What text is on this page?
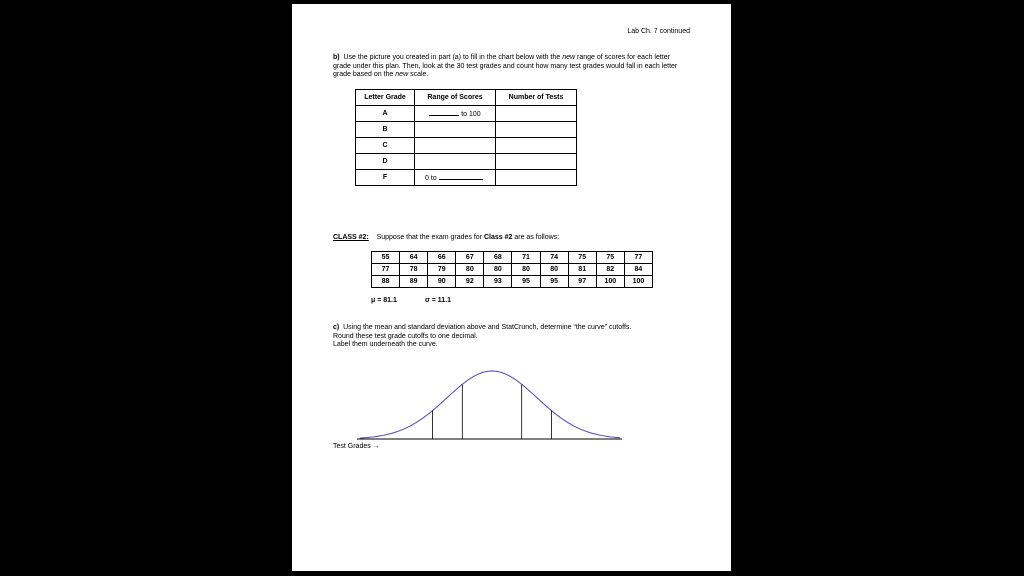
Lab Ch. 7 continued
b) Use the picture you created in part (a) to fill in the chart below with the new range of scores for each letter grade under this plan. Then, look at the 30 test grades and count how many test grades would fall in each letter grade based on the new scale.
Letter Grade	Range of Scores	Number of Tests
A	to 100	
B		
C		
D		
F	0 to	
CLASS #2: Suppose that the exam grades for Class #2 are as follows:
55	64	66	67	68	71	74	75	75	77
77	78	79	80	80	80	80	81	82	84
88	89	90	92	93	95	95	97	100	100
μ = 81.1	σ = 11.1
c) Using the mean and standard deviation above and StatCrunch, determine “the curve” cutoffs.
Round these test grade cutoffs to one decimal.
Label them underneath the curve.
Test Grades →
